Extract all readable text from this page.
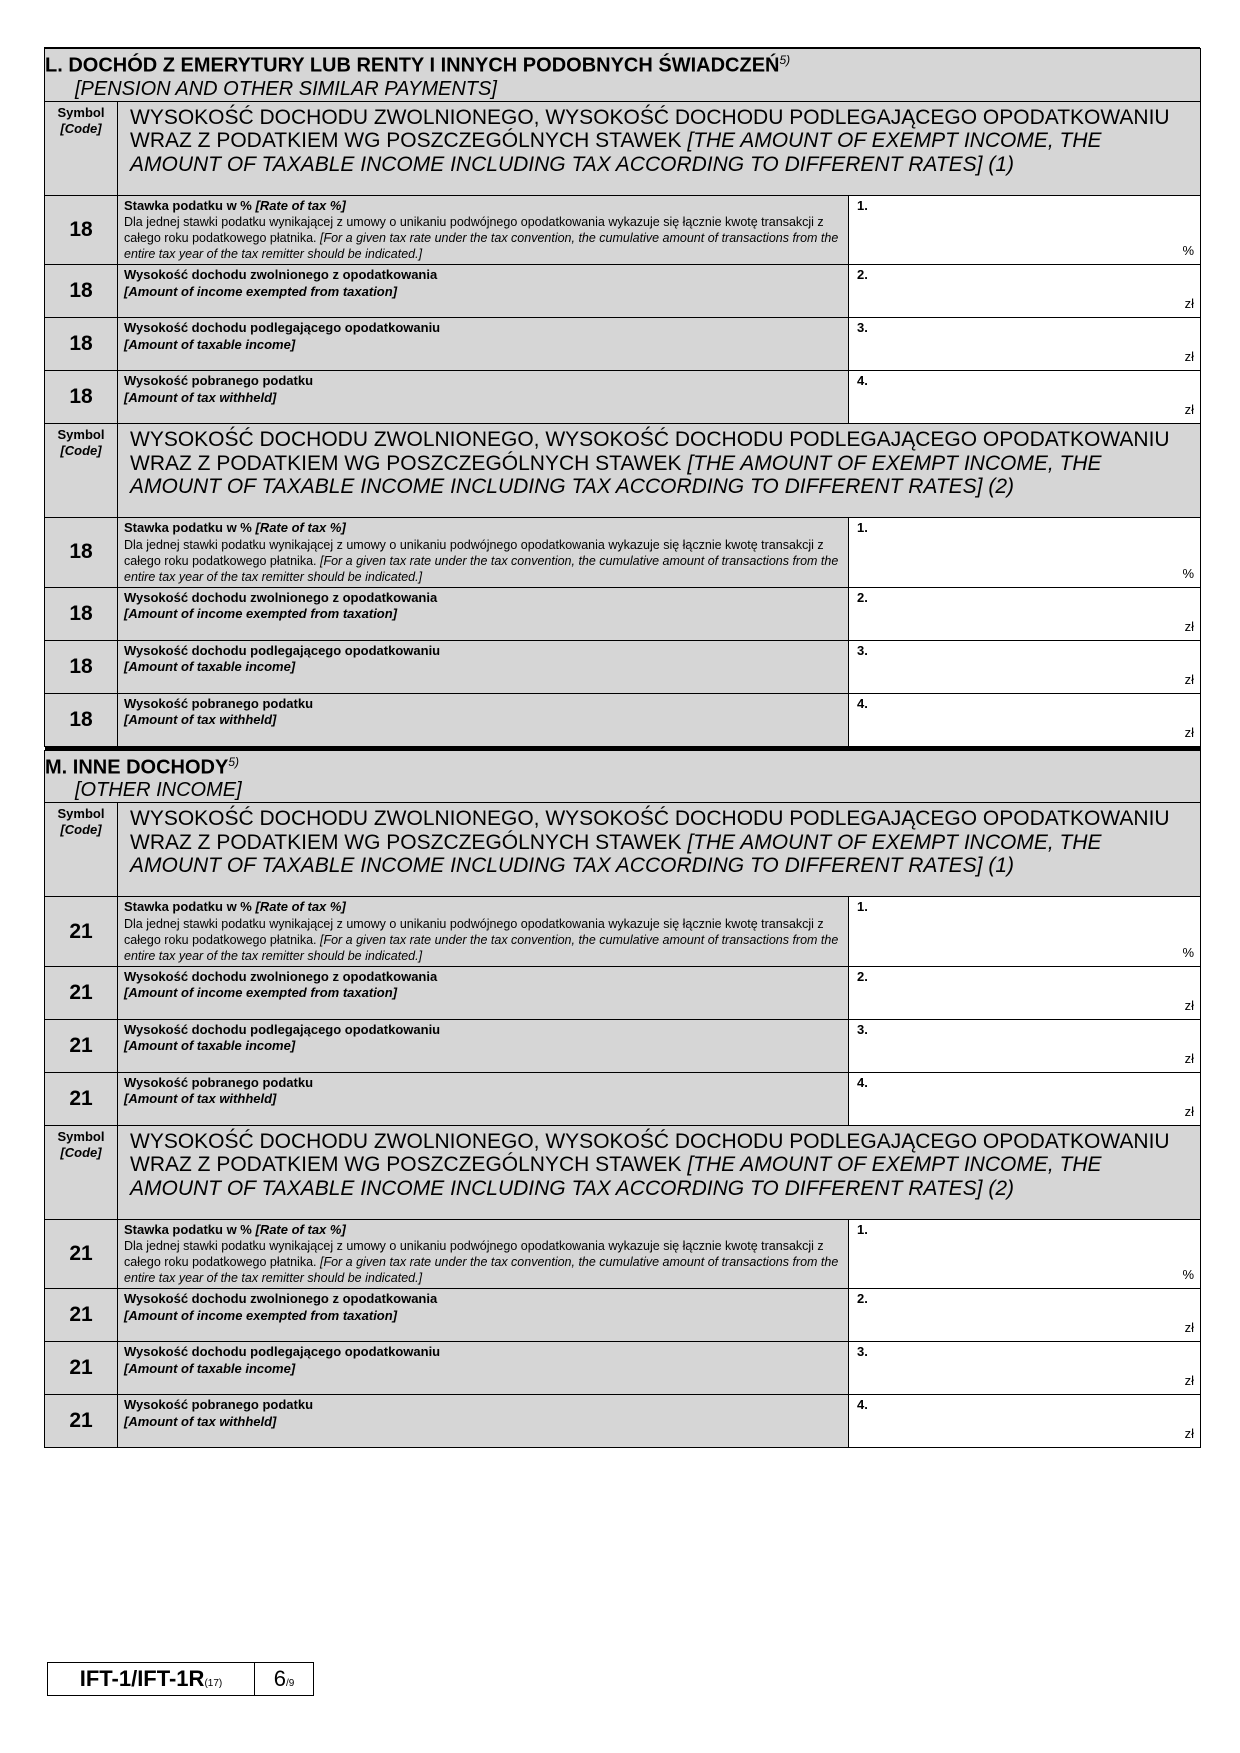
L. DOCHÓD Z EMERYTURY LUB RENTY I INNYCH PODOBNYCH ŚWIADCZEŃ$^{5)}$
[PENSION AND OTHER SIMILAR PAYMENTS]		

Symbol
[Code]	WYSOKOŚĆ DOCHODU ZWOLNIONEGO, WYSOKOŚĆ DOCHODU PODLEGAJĄCEGO OPODATKOWANIU WRAZ Z PODATKIEM WG POSZCZEGÓLNYCH STAWEK [THE AMOUNT OF EXEMPT INCOME, THE AMOUNT OF TAXABLE INCOME INCLUDING TAX ACCORDING TO DIFFERENT RATES] (1)	
18	Stawka podatku w % [Rate of tax %]
Dla jednej stawki podatku wynikającej z umowy o unikaniu podwójnego opodatkowania wykazuje się łącznie kwotę transakcji z całego roku podatkowego płatnika. [For a given tax rate under the tax convention, the cumulative amount of transactions from the entire tax year of the tax remitter should be indicated.]	1.
%

18	Wysokość dochodu zwolnionego z opodatkowania
[Amount of income exempted from taxation]	2.
zł

18	Wysokość dochodu podlegającego opodatkowaniu
[Amount of taxable income]	3.
zł

18	Wysokość pobranego podatku
[Amount of tax withheld]	4.
zł

Symbol
[Code]	WYSOKOŚĆ DOCHODU ZWOLNIONEGO, WYSOKOŚĆ DOCHODU PODLEGAJĄCEGO OPODATKOWANIU WRAZ Z PODATKIEM WG POSZCZEGÓLNYCH STAWEK [THE AMOUNT OF EXEMPT INCOME, THE AMOUNT OF TAXABLE INCOME INCLUDING TAX ACCORDING TO DIFFERENT RATES] (2)	
18	Stawka podatku w % [Rate of tax %]
Dla jednej stawki podatku wynikającej z umowy o unikaniu podwójnego opodatkowania wykazuje się łącznie kwotę transakcji z całego roku podatkowego płatnika. [For a given tax rate under the tax convention, the cumulative amount of transactions from the entire tax year of the tax remitter should be indicated.]	1.
%

18	Wysokość dochodu zwolnionego z opodatkowania
[Amount of income exempted from taxation]	2.
zł

18	Wysokość dochodu podlegającego opodatkowaniu
[Amount of taxable income]	3.
zł

18	Wysokość pobranego podatku
[Amount of tax withheld]	4.
zł

M. INNE DOCHODY$^{5)}$
[OTHER INCOME]		

Symbol
[Code]	WYSOKOŚĆ DOCHODU ZWOLNIONEGO, WYSOKOŚĆ DOCHODU PODLEGAJĄCEGO OPODATKOWANIU WRAZ Z PODATKIEM WG POSZCZEGÓLNYCH STAWEK [THE AMOUNT OF EXEMPT INCOME, THE AMOUNT OF TAXABLE INCOME INCLUDING TAX ACCORDING TO DIFFERENT RATES] (1)	
21	Stawka podatku w % [Rate of tax %]
Dla jednej stawki podatku wynikającej z umowy o unikaniu podwójnego opodatkowania wykazuje się łącznie kwotę transakcji z całego roku podatkowego płatnika. [For a given tax rate under the tax convention, the cumulative amount of transactions from the entire tax year of the tax remitter should be indicated.]	1.
%

21	Wysokość dochodu zwolnionego z opodatkowania
[Amount of income exempted from taxation]	2.
zł

21	Wysokość dochodu podlegającego opodatkowaniu
[Amount of taxable income]	3.
zł

21	Wysokość pobranego podatku
[Amount of tax withheld]	4.
zł

Symbol
[Code]	WYSOKOŚĆ DOCHODU ZWOLNIONEGO, WYSOKOŚĆ DOCHODU PODLEGAJĄCEGO OPODATKOWANIU WRAZ Z PODATKIEM WG POSZCZEGÓLNYCH STAWEK [THE AMOUNT OF EXEMPT INCOME, THE AMOUNT OF TAXABLE INCOME INCLUDING TAX ACCORDING TO DIFFERENT RATES] (2)	
21	Stawka podatku w % [Rate of tax %]
Dla jednej stawki podatku wynikającej z umowy o unikaniu podwójnego opodatkowania wykazuje się łącznie kwotę transakcji z całego roku podatkowego płatnika. [For a given tax rate under the tax convention, the cumulative amount of transactions from the entire tax year of the tax remitter should be indicated.]	1.
%

21	Wysokość dochodu zwolnionego z opodatkowania
[Amount of income exempted from taxation]	2.
zł

21	Wysokość dochodu podlegającego opodatkowaniu
[Amount of taxable income]	3.
zł

21	Wysokość pobranego podatku
[Amount of tax withheld]	4.
zł
IFT-1/IFT-1R(17)	6/9
